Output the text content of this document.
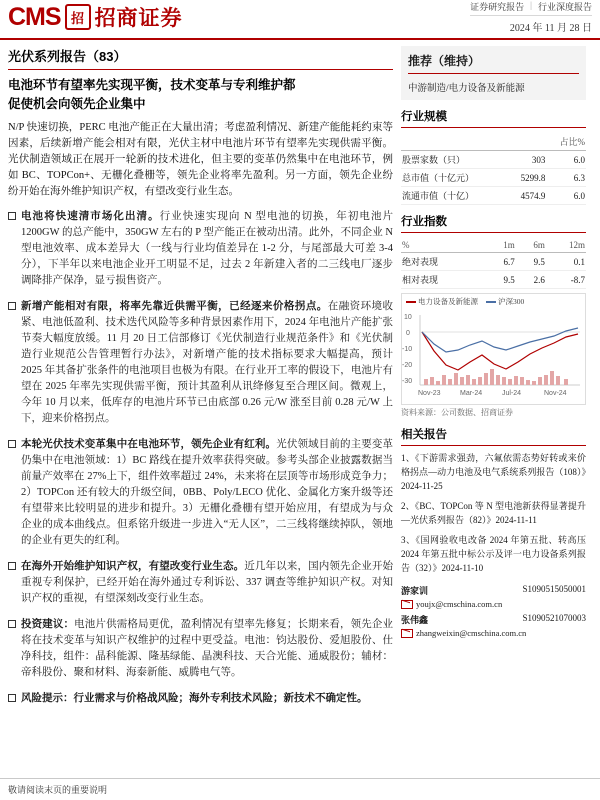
CMS 招 招商证券	证券研究报告 | 行业深度报告
2024 年 11 月 28 日
光伏系列报告（83）
电池环节有望率先实现平衡，技术变革与专利维护都
促使机会向领先企业集中
N/P 快速切换，PERC 电池产能正在大量出清；考虑盈利情况、新建产能能耗约束等因素，后续新增产能会相对有限，光伏主材中电池片环节有望率先实现供需平衡。光伏制造领域正在展开一轮新的技术进化，但主要的变革仍然集中在电池环节，例如 BC、TOPCon+、无栅化叠栅等，领先企业将率先盈利。另一方面，领先企业纷纷开始在海外维护知识产权，有望改变行业生态。
电池将快速清市场化出清。行业快速实现向 N 型电池的切换，年初电池片 1200GW 的总产能中，350GW 左右的 P 型产能正在被动出清。此外，不同企业 N 型电池效率、成本差异大（一线与行业均值差异在 1-2 分，与尾部最大可差 3-4 分），下半年以来电池企业开工明显不足，过去 2 年新建入者的二三线电厂逐步调降排产保净，显亏损售资产。
新增产能相对有限，将率先靠近供需平衡，已经逐来价格拐点。在融资环境收紧、电池低盈利、技术迭代风险等多种背景因素作用下，2024 年电池片产能扩张节奏大幅度放缓。11 月 20 日工信部修订《光伏制造行业规范条件》和《光伏制造行业规范公告管理暂行办法》，对新增产能的技术指标要求大幅提高，预计 2025 年其备扩张条件的电池项目也极为有限。在行业开工率的假设下，电池片有望在 2025 年率先实现供需平衡，预计其盈利从讯绛修复至合理区间。微观上，今年 10 月以来，低库存的电池片环节已由底部 0.26 元/W 涨至目前 0.28 元/W 上下，迎来价格拐点。
本轮光伏技术变革集中在电池环节，领先企业有红利。光伏领域目前的主要变革仍集中在电池领域：1）BC 路线在提升效率获得突破。参考头部企业披露数据当前量产效率在 27%上下，组件效率超过 24%，未来将在层顶等市场形成竞争力；2）TOPCon 还有较大的升级空间，0BB、Poly/LECO 优化、金属化方案升级等还有望带来比较明显的进步和提升。3）无栅化叠栅有望开始应用，有望成为与众企业的成本曲线点。但系铭升级进一步进入“无人区”，二三线将继续掉队，领地的企业有更失的红利。
在海外开始维护知识产权，有望改变行业生态。近几年以来，国内领先企业开始重视专利保护，已经开始在海外通过专利诉讼、337 调查等维护知识产权。对知识产权的重视，有望深刻改变行业生态。
投资建议：电池片供需格局更优，盈利情况有望率先修复；长期来看，领先企业将在技术变革与知识产权维护的过程中更受益。电池：钧达股份、爱旭股份、仕净科技，组件：晶科能源、隆基绿能、晶澳科技、天合光能、通威股份；辅材：帝科股份、聚和材料、海泰新能、威腾电气等。
风险提示：行业需求与价格战风险；海外专利技术风险；新技术不确定性。
推荐（维持）
中游制造/电力设备及新能源
行业规模
		占比%
股票家数（只）	303	6.0
总市值（十亿元）	5299.8	6.3
流通市值（十亿）	4574.9	6.0
行业指数
%	1m	6m	12m
绝对表现	6.7	9.5	0.1
相对表现	9.5	2.6	-8.7
电力设备及新能源	沪深300
10
0
-10
-20
-30
Nov-23	Mar-24	Jul-24	Nov-24
资料来源：公司数据、招商证券
相关报告
1、《下游需求强劲，六氟依需态势好转或来价格拐点—动力电池及电气系统系列报告（108）》2024-11-25
2、《BC、TOPCon 等 N 型电池新获得显著提升—光伏系列报告（82）》2024-11-11
3、《国网验收电改备 2024 年第五批、转高压 2024 年第五批中标公示及评一电力设备系列报告（32）》2024-11-10
游家训	S1090515050001
youjx@cmschina.com.cn
张伟鑫	S1090521070003
zhangweixin@cmschina.com.cn
敬请阅读末页的重要说明
